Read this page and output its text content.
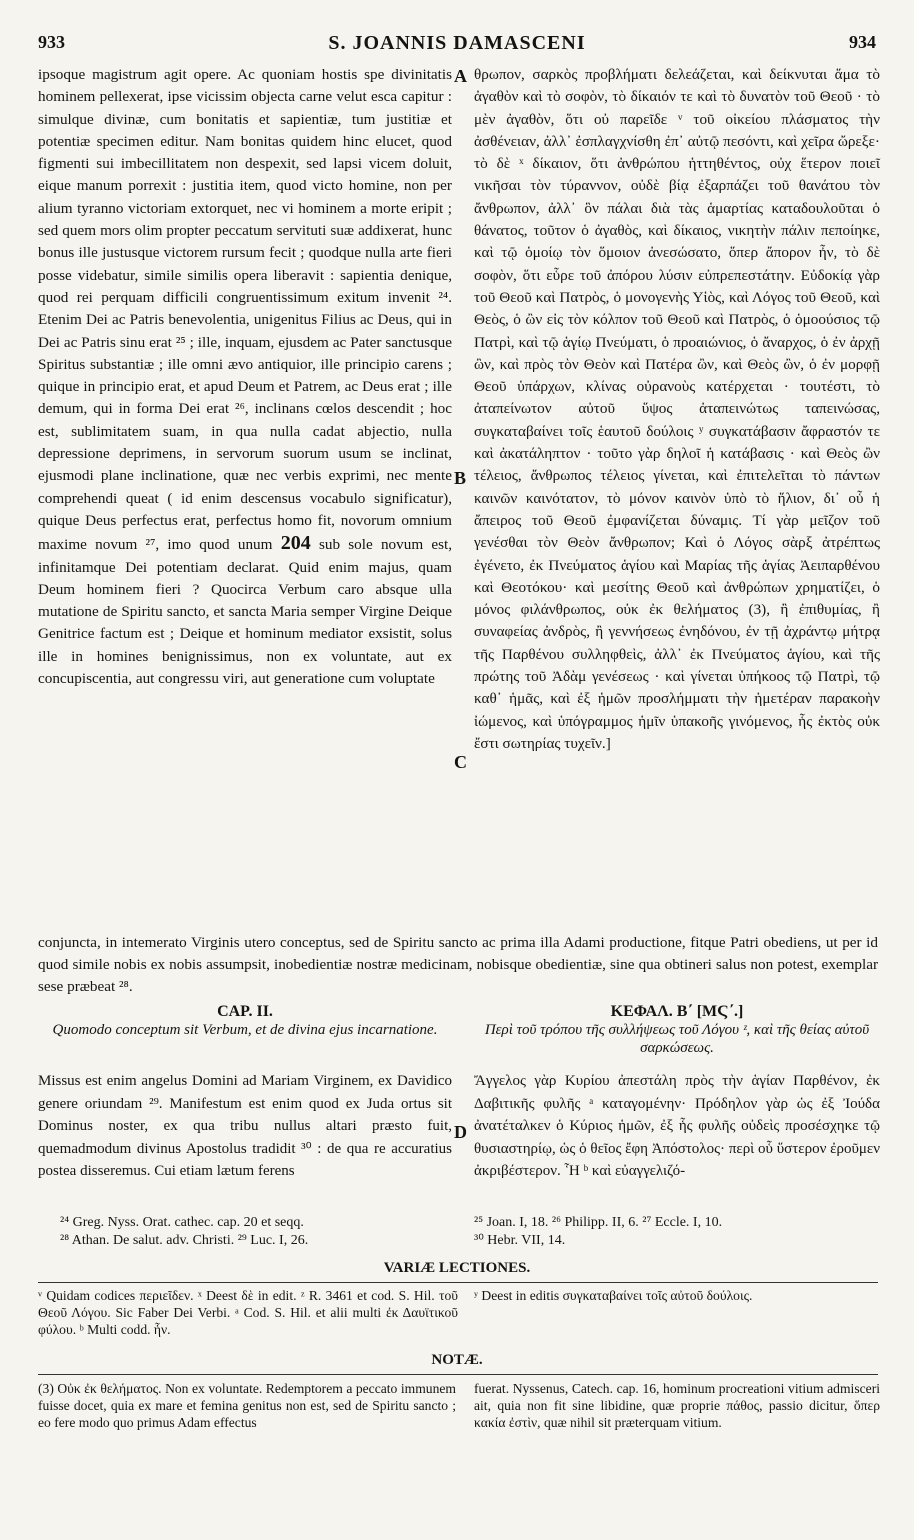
933	S. JOANNIS DAMASCENI	934

ipsoque magistrum agit opere. Ac quoniam hostis spe divinitatis hominem pellexerat, ipse vicissim objecta carne velut esca capitur : simulque divinæ, cum bonitatis et sapientiæ, tum justitiæ et potentiæ specimen editur. Nam bonitas quidem hinc elucet, quod figmenti sui imbecillitatem non despexit, sed lapsi vicem doluit, eique manum porrexit : justitia item, quod victo homine, non per alium tyranno victoriam extorquet, nec vi hominem a morte eripit ; sed quem mors olim propter peccatum servituti suæ addixerat, hunc bonus ille justusque victorem rursum fecit ; quodque nulla arte fieri posse videbatur, simile similis opera liberavit : sapientia denique, quod rei perquam difficili congruentissimum exitum invenit ²⁴. Etenim Dei ac Patris benevolentia, unigenitus Filius ac Deus, qui in Dei ac Patris sinu erat ²⁵ ; ille, inquam, ejusdem ac Pater sanctusque Spiritus substantiæ ; ille omni ævo antiquior, ille principio carens ; quique in principio erat, et apud Deum et Patrem, ac Deus erat ; ille demum, qui in forma Dei erat ²⁶, inclinans cœlos descendit ; hoc est, sublimitatem suam, in qua nulla cadat abjectio, nulla depressione deprimens, in servorum suorum usum se inclinat, ejusmodi plane inclinatione, quæ nec verbis exprimi, nec mente comprehendi queat ( id enim descensus vocabulo significatur), quique Deus perfectus erat, perfectus homo fit, novorum omnium maxime novum ²⁷, imo quod unum 204 sub sole novum est, infinitamque Dei potentiam declarat. Quid enim majus, quam Deum hominem fieri ? Quocirca Verbum caro absque ulla mutatione de Spiritu sancto, et sancta Maria semper Virgine Deique Genitrice factum est ; Deique et hominum mediator exsistit, solus ille in homines benignissimus, non ex voluntate, aut ex concupiscentia, aut congressu viri, aut generatione cum voluptate

θρωπον, σαρκὸς προβλήματι δελεάζεται, καὶ δείκνυται ἅμα τὸ ἀγαθὸν καὶ τὸ σοφὸν, τὸ δίκαιόν τε καὶ τὸ δυνατὸν τοῦ Θεοῦ · τὸ μὲν ἀγαθὸν, ὅτι οὐ παρεῖδε ᵛ τοῦ οἰκείου πλάσματος τὴν ἀσθένειαν, ἀλλ᾽ ἐσπλαγχνίσθη ἐπ᾽ αὐτῷ πεσόντι, καὶ χεῖρα ὤρεξε· τὸ δὲ ˣ δίκαιον, ὅτι ἀνθρώπου ἡττηθέντος, οὐχ ἕτερον ποιεῖ νικῆσαι τὸν τύραννον, οὐδὲ βίᾳ ἐξαρπάζει τοῦ θανάτου τὸν ἄνθρωπον, ἀλλ᾽ ὃν πάλαι διὰ τὰς ἁμαρτίας καταδουλοῦται ὁ θάνατος, τοῦτον ὁ ἀγαθὸς, καὶ δίκαιος, νικητὴν πάλιν πεποίηκε, καὶ τῷ ὁμοίῳ τὸν ὅμοιον ἀνεσώσατο, ὅπερ ἄπορον ἦν, τὸ δὲ σοφὸν, ὅτι εὗρε τοῦ ἀπόρου λύσιν εὐπρεπεστάτην. Εὐδοκίᾳ γὰρ τοῦ Θεοῦ καὶ Πατρὸς, ὁ μονογενὴς Υἱὸς, καὶ Λόγος τοῦ Θεοῦ, καὶ Θεὸς, ὁ ὢν εἰς τὸν κόλπον τοῦ Θεοῦ καὶ Πατρὸς, ὁ ὁμοούσιος τῷ Πατρὶ, καὶ τῷ ἁγίῳ Πνεύματι, ὁ προαιώνιος, ὁ ἄναρχος, ὁ ἐν ἀρχῇ ὢν, καὶ πρὸς τὸν Θεὸν καὶ Πατέρα ὢν, καὶ Θεὸς ὢν, ὁ ἐν μορφῇ Θεοῦ ὑπάρχων, κλίνας οὐρανοὺς κατέρχεται · τουτέστι, τὸ ἀταπείνωτον αὐτοῦ ὕψος ἀταπεινώτως ταπεινώσας, συγκαταβαίνει τοῖς ἑαυτοῦ δούλοις ʸ συγκατάβασιν ἄφραστόν τε καὶ ἀκατάληπτον · τοῦτο γὰρ δηλοῖ ἡ κατάβασις · καὶ Θεὸς ὢν τέλειος, ἄνθρωπος τέλειος γίνεται, καὶ ἐπιτελεῖται τὸ πάντων καινῶν καινότατον, τὸ μόνον καινὸν ὑπὸ τὸ ἥλιον, δι᾽ οὗ ἡ ἄπειρος τοῦ Θεοῦ ἐμφανίζεται δύναμις. Τί γὰρ μεῖζον τοῦ γενέσθαι τὸν Θεὸν ἄνθρωπον; Καὶ ὁ Λόγος σὰρξ ἀτρέπτως ἐγένετο, ἐκ Πνεύματος ἁγίου καὶ Μαρίας τῆς ἁγίας Ἀειπαρθένου καὶ Θεοτόκου· καὶ μεσίτης Θεοῦ καὶ ἀνθρώπων χρηματίζει, ὁ μόνος φιλάνθρωπος, οὐκ ἐκ θελήματος (3), ἢ ἐπιθυμίας, ἢ συναφείας ἀνδρὸς, ἢ γεννήσεως ἐνηδόνου, ἐν τῇ ἀχράντῳ μήτρᾳ τῆς Παρθένου συλληφθεὶς, ἀλλ᾽ ἐκ Πνεύματος ἁγίου, καὶ τῆς πρώτης τοῦ Ἀδὰμ γενέσεως · καὶ γίνεται ὑπήκοος τῷ Πατρὶ, τῷ καθ᾽ ἡμᾶς, καὶ ἐξ ἡμῶν προσλήμματι τὴν ἡμετέραν παρακοὴν ἰώμενος, καὶ ὑπόγραμμος ἡμῖν ὑπακοῆς γινόμενος, ἧς ἐκτὸς οὐκ ἔστι σωτηρίας τυχεῖν.]

A
B
C
D
conjuncta, in intemerato Virginis utero conceptus, sed de Spiritu sancto ac prima illa Adami productione, fitque Patri obediens, ut per id quod simile nobis ex nobis assumpsit, inobedientiæ nostræ medicinam, nobisque obedientiæ, sine qua obtineri salus non potest, exemplar sese præbeat ²⁸.
CAP. II.
Quomodo conceptum sit Verbum, et de divina ejus incarnatione.
ΚΕΦΑΛ. Β΄ [ΜϚ΄.]
Περὶ τοῦ τρόπου τῆς συλλήψεως τοῦ Λόγου ᶻ, καὶ τῆς θείας αὐτοῦ σαρκώσεως.

Missus est enim angelus Domini ad Mariam Virginem, ex Davidico genere oriundam ²⁹. Manifestum est enim quod ex Juda ortus sit Dominus noster, ex qua tribu nullus altari præsto fuit, quemadmodum divinus Apostolus tradidit ³⁰ : de qua re accuratius postea disseremus. Cui etiam lætum ferens

Ἄγγελος γὰρ Κυρίου ἀπεστάλη πρὸς τὴν ἁγίαν Παρθένον, ἐκ Δαβιτικῆς φυλῆς ᵃ καταγομένην· Πρόδηλον γὰρ ὡς ἐξ Ἰούδα ἀνατέταλκεν ὁ Κύριος ἡμῶν, ἐξ ἧς φυλῆς οὐδεὶς προσέσχηκε τῷ θυσιαστηρίῳ, ὡς ὁ θεῖος ἔφη Ἀπόστολος· περὶ οὗ ὕστερον ἐροῦμεν ἀκριβέστερον. Ἧ ᵇ καὶ εὐαγγελιζό-

²⁴ Greg. Nyss. Orat. cathec. cap. 20 et seqq.
²⁸ Athan. De salut. adv. Christi. ²⁹ Luc. I, 26.
²⁵ Joan. I, 18. ²⁶ Philipp. II, 6. ²⁷ Eccle. I, 10.
³⁰ Hebr. VII, 14.
VARIÆ LECTIONES.
ᵛ Quidam codices περιεῖδεν. ˣ Deest δὲ in edit. ᶻ R. 3461 et cod. S. Hil. τοῦ Θεοῦ Λόγου. Sic Faber Dei Verbi. ᵃ Cod. S. Hil. et alii multi ἐκ Δαυϊτικοῦ φύλου. ᵇ Multi codd. ἦν.
ʸ Deest in editis συγκαταβαίνει τοῖς αὐτοῦ δούλοις.
NOTÆ.
(3) Οὐκ ἐκ θελήματος. Non ex voluntate. Redemptorem a peccato immunem fuisse docet, quia ex mare et femina genitus non est, sed de Spiritu sancto ; eo fere modo quo primus Adam effectus
fuerat. Nyssenus, Catech. cap. 16, hominum procreationi vitium admisceri ait, quia non fit sine libidine, quæ proprie πάθος, passio dicitur, ὅπερ κακία ἐστὶν, quæ nihil sit præterquam vitium.
